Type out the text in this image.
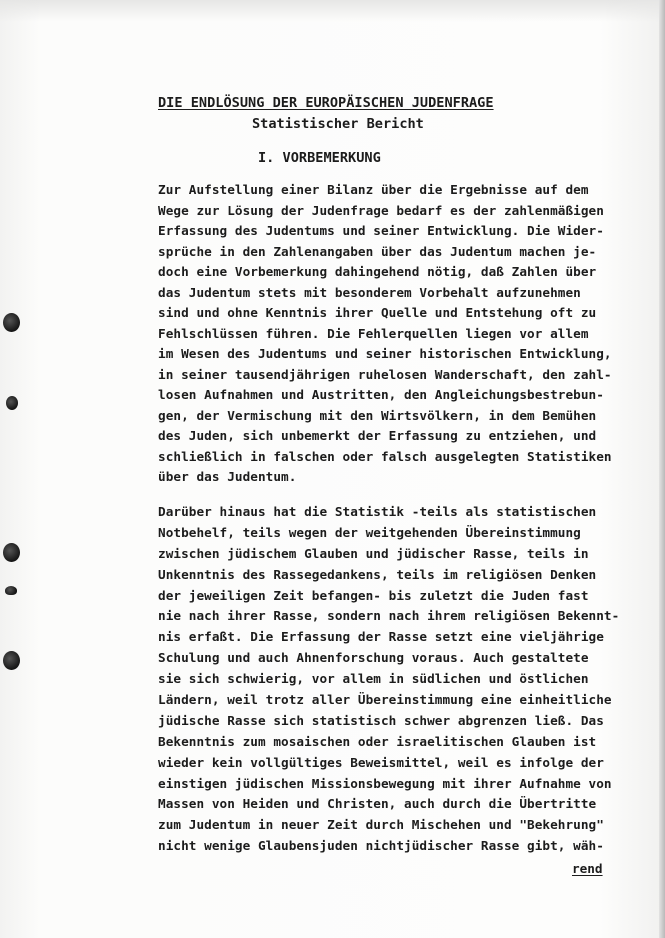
DIE ENDLÖSUNG DER EUROPÄISCHEN JUDENFRAGE
Statistischer Bericht
I. VORBEMERKUNG
Zur Aufstellung einer Bilanz über die Ergebnisse auf dem
Wege zur Lösung der Judenfrage bedarf es der zahlenmäßigen
Erfassung des Judentums und seiner Entwicklung. Die Wider-
sprüche in den Zahlenangaben über das Judentum machen je-
doch eine Vorbemerkung dahingehend nötig, daß Zahlen über
das Judentum stets mit besonderem Vorbehalt aufzunehmen
sind und ohne Kenntnis ihrer Quelle und Entstehung oft zu
Fehlschlüssen führen. Die Fehlerquellen liegen vor allem
im Wesen des Judentums und seiner historischen Entwicklung,
in seiner tausendjährigen ruhelosen Wanderschaft, den zahl-
losen Aufnahmen und Austritten, den Angleichungsbestrebun-
gen, der Vermischung mit den Wirtsvölkern, in dem Bemühen
des Juden, sich unbemerkt der Erfassung zu entziehen, und
schließlich in falschen oder falsch ausgelegten Statistiken
über das Judentum.
Darüber hinaus hat die Statistik -teils als statistischen
Notbehelf, teils wegen der weitgehenden Übereinstimmung
zwischen jüdischem Glauben und jüdischer Rasse, teils in
Unkenntnis des Rassegedankens, teils im religiösen Denken
der jeweiligen Zeit befangen- bis zuletzt die Juden fast
nie nach ihrer Rasse, sondern nach ihrem religiösen Bekennt-
nis erfaßt. Die Erfassung der Rasse setzt eine vieljährige
Schulung und auch Ahnenforschung voraus. Auch gestaltete
sie sich schwierig, vor allem in südlichen und östlichen
Ländern, weil trotz aller Übereinstimmung eine einheitliche
jüdische Rasse sich statistisch schwer abgrenzen ließ. Das
Bekenntnis zum mosaischen oder israelitischen Glauben ist
wieder kein vollgültiges Beweismittel, weil es infolge der
einstigen jüdischen Missionsbewegung mit ihrer Aufnahme von
Massen von Heiden und Christen, auch durch die Übertritte
zum Judentum in neuer Zeit durch Mischehen und "Bekehrung"
nicht wenige Glaubensjuden nichtjüdischer Rasse gibt, wäh-
rend
